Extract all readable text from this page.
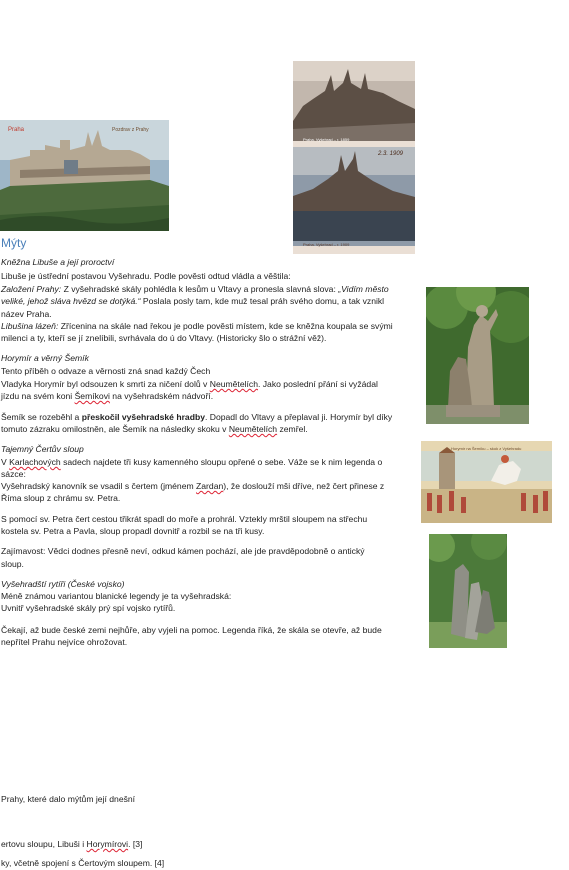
Praha	Pozdrav z Prahy
Praha. Vyšehrad – r. 1859
Praha. Vyšehrad – r. 1909
2.3. 1909
Mýty
Kněžna Libuše a její proroctví
Libuše je ústřední postavou Vyšehradu. Podle pověsti odtud vládla a věštila:
Založení Prahy: Z vyšehradské skály pohlédla k lesům u Vltavy a pronesla slavná slova: „Vidím město
veliké, jehož sláva hvězd se dotýká.“ Poslala posly tam, kde muž tesal práh svého domu, a tak vznikl
název Praha.
Libušina lázeň: Zřícenina na skále nad řekou je podle pověsti místem, kde se kněžna koupala se svými
milenci a ty, kteří se jí znelíbili, svrhávala do ú do Vltavy. (Historicky šlo o strážní věž).
Horymír a věrný Šemík
Tento příběh o odvaze a věrnosti zná snad každý Čech
Vladyka Horymír byl odsouzen k smrti za ničení dolů v Neumětelích. Jako poslední přání si vyžádal
jízdu na svém koni Šemíkovi na vyšehradském nádvoří.
Šemík se rozeběhl a přeskočil vyšehradské hradby. Dopadl do Vltavy a přeplaval ji. Horymír byl díky
tomuto zázraku omilostněn, ale Šemík na následky skoku v Neumětelích zemřel.
Tajemný Čertův sloup
V Karlachových sadech najdete tři kusy kamenného sloupu opřené o sebe. Váže se k nim legenda o
sázce:
Vyšehradský kanovník se vsadil s čertem (jménem Zardan), že doslouží mši dříve, než čert přinese z
Říma sloup z chrámu sv. Petra.
S pomocí sv. Petra čert cestou třikrát spadl do moře a prohrál. Vztekly mrštil sloupem na střechu
kostela sv. Petra a Pavla, sloup propadl dovnitř a rozbil se na tři kusy.
Zajímavost: Vědci dodnes přesně neví, odkud kámen pochází, ale jde pravděpodobně o antický
sloup.
Vyšehradští rytíři (České vojsko)
Méně známou variantou blanické legendy je ta vyšehradská:
Uvnitř vyšehradské skály prý spí vojsko rytířů.
Čekají, až bude české zemi nejhůře, aby vyjeli na pomoc. Legenda říká, že skála se otevře, až bude
nepřítel Prahu nejvíce ohrožovat.
Horymír na Šemíku – skok z Vyšehradu
Prahy, které dalo mýtům její dnešní
ertovu sloupu, Libuši i Horymírovi. [3]
ky, včetně spojení s Čertovým sloupem. [4]
